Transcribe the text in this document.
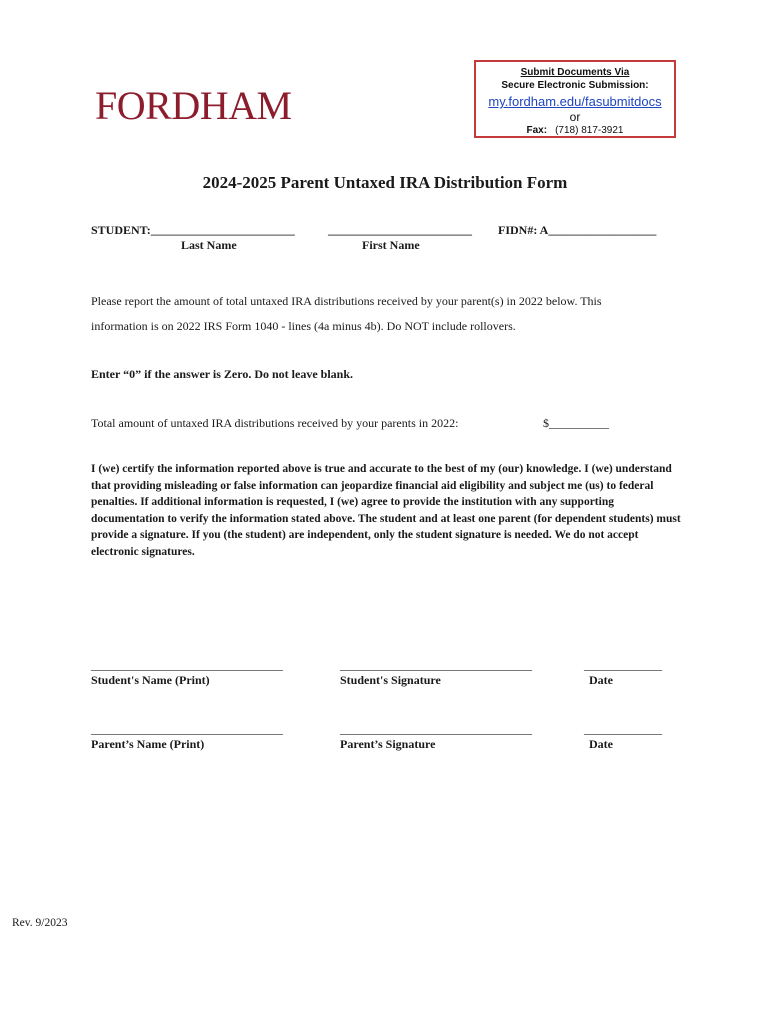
FORDHAM
Submit Documents Via
Secure Electronic Submission:
my.fordham.edu/fasubmitdocs
or
Fax: (718) 817-3921
2024-2025 Parent Untaxed IRA Distribution Form
STUDENT:________________________	________________________ FIDN#: A__________________
Last Name	First Name
Please report the amount of total untaxed IRA distributions received by your parent(s) in 2022 below. This
information is on 2022 IRS Form 1040 - lines (4a minus 4b). Do NOT include rollovers.
Enter “0” if the answer is Zero. Do not leave blank.
Total amount of untaxed IRA distributions received by your parents in 2022:	$__________
I (we) certify the information reported above is true and accurate to the best of my (our) knowledge. I (we) understand that providing misleading or false information can jeopardize financial aid eligibility and subject me (us) to federal penalties. If additional information is requested, I (we) agree to provide the institution with any supporting documentation to verify the information stated above. The student and at least one parent (for dependent students) must provide a signature. If you (the student) are independent, only the student signature is needed. We do not accept electronic signatures.
________________________________	________________________________	_____________
Student's Name (Print)	Student's Signature	Date
________________________________	________________________________	_____________
Parent’s Name (Print)	Parent’s Signature	Date
Rev. 9/2023
